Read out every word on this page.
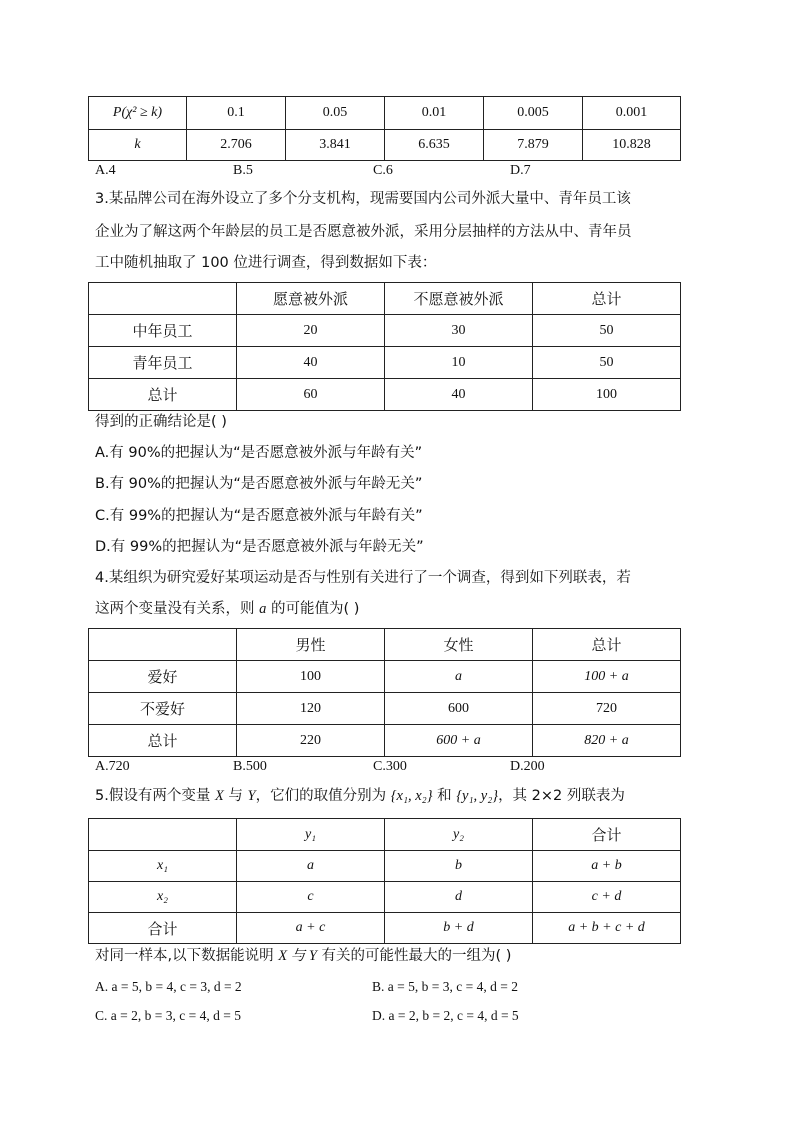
P(χ² ≥ k)	0.1	0.05	0.01	0.005	0.001
k	2.706	3.841	6.635	7.879	10.828
A.4	B.5	C.6	D.7
3.某品牌公司在海外设立了多个分支机构，现需要国内公司外派大量中、青年员工该
企业为了解这两个年龄层的员工是否愿意被外派，采用分层抽样的方法从中、青年员
工中随机抽取了 100 位进行调查，得到数据如下表：
	愿意被外派	不愿意被外派	总计
中年员工	20	30	50
青年员工	40	10	50
总计	60	40	100
得到的正确结论是( )
A.有 90%的把握认为“是否愿意被外派与年龄有关”
B.有 90%的把握认为“是否愿意被外派与年龄无关”
C.有 99%的把握认为“是否愿意被外派与年龄有关”
D.有 99%的把握认为“是否愿意被外派与年龄无关”
4.某组织为研究爱好某项运动是否与性别有关进行了一个调查，得到如下列联表，若
这两个变量没有关系，则 a 的可能值为( )
	男性	女性	总计
爱好	100	a	100 + a
不爱好	120	600	720
总计	220	600 + a	820 + a
A.720	B.500	C.300	D.200
5.假设有两个变量 X 与 Y，它们的取值分别为 {x₁, x₂} 和 {y₁, y₂}，其 2×2 列联表为
	y₁	y₂	合计
x₁	a	b	a + b
x₂	c	d	c + d
合计	a + c	b + d	a + b + c + d
对同一样本,以下数据能说明 X 与 Y 有关的可能性最大的一组为( )
A. a = 5, b = 4, c = 3, d = 2	B. a = 5, b = 3, c = 4, d = 2
C. a = 2, b = 3, c = 4, d = 5	D. a = 2, b = 2, c = 4, d = 5
